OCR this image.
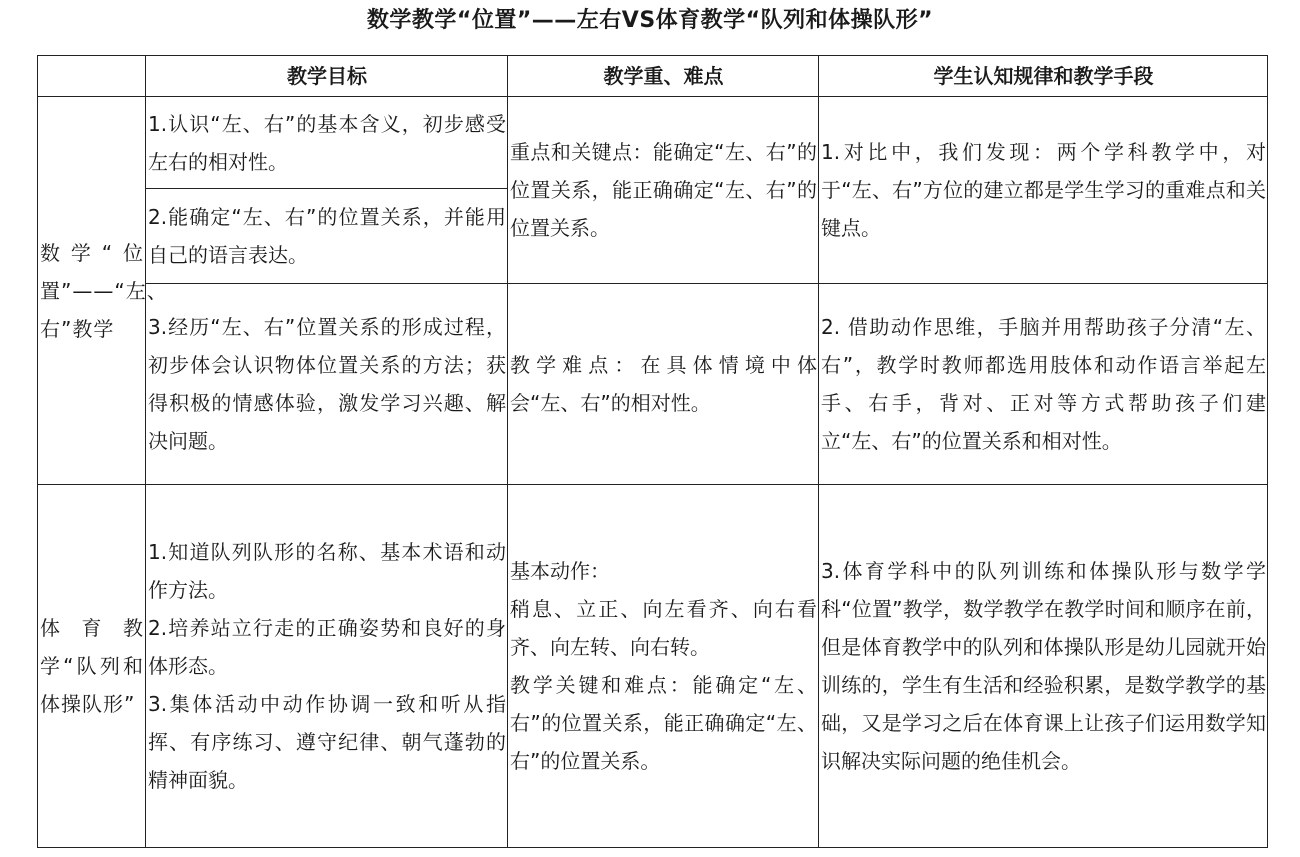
数学教学“位置”——左右VS体育教学“队列和体操队形”
	教学目标	教学重、难点	学生认知规律和教学手段

数学“位置”——“左、右”教学	1.认识“左、右”的基本含义，初步感受左右的相对性。	重点和关键点：能确定“左、右”的位置关系，能正确确定“左、右”的位置关系。	1.对比中，我们发现：两个学科教学中，对于“左、右”方位的建立都是学生学习的重难点和关键点。

	2.能确定“左、右”的位置关系，并能用自己的语言表达。		

	3.经历“左、右”位置关系的形成过程，初步体会认识物体位置关系的方法；获得积极的情感体验，激发学习兴趣、解决问题。	教学难点：在具体情境中体会“左、右”的相对性。	2. 借助动作思维，手脑并用帮助孩子分清“左、右”，教学时教师都选用肢体和动作语言举起左手、右手，背对、正对等方式帮助孩子们建立“左、右”的位置关系和相对性。

体育教学“队列和体操队形”	1.知道队列队形的名称、基本术语和动作方法。
2.培养站立行走的正确姿势和良好的身体形态。
3.集体活动中动作协调一致和听从指挥、有序练习、遵守纪律、朝气蓬勃的精神面貌。	基本动作：
稍息、立正、向左看齐、向右看齐、向左转、向右转。
教学关键和难点：能确定“左、右”的位置关系，能正确确定“左、右”的位置关系。	3.体育学科中的队列训练和体操队形与数学学科“位置”教学，数学教学在教学时间和顺序在前，但是体育教学中的队列和体操队形是幼儿园就开始训练的，学生有生活和经验积累，是数学教学的基础，又是学习之后在体育课上让孩子们运用数学知识解决实际问题的绝佳机会。
